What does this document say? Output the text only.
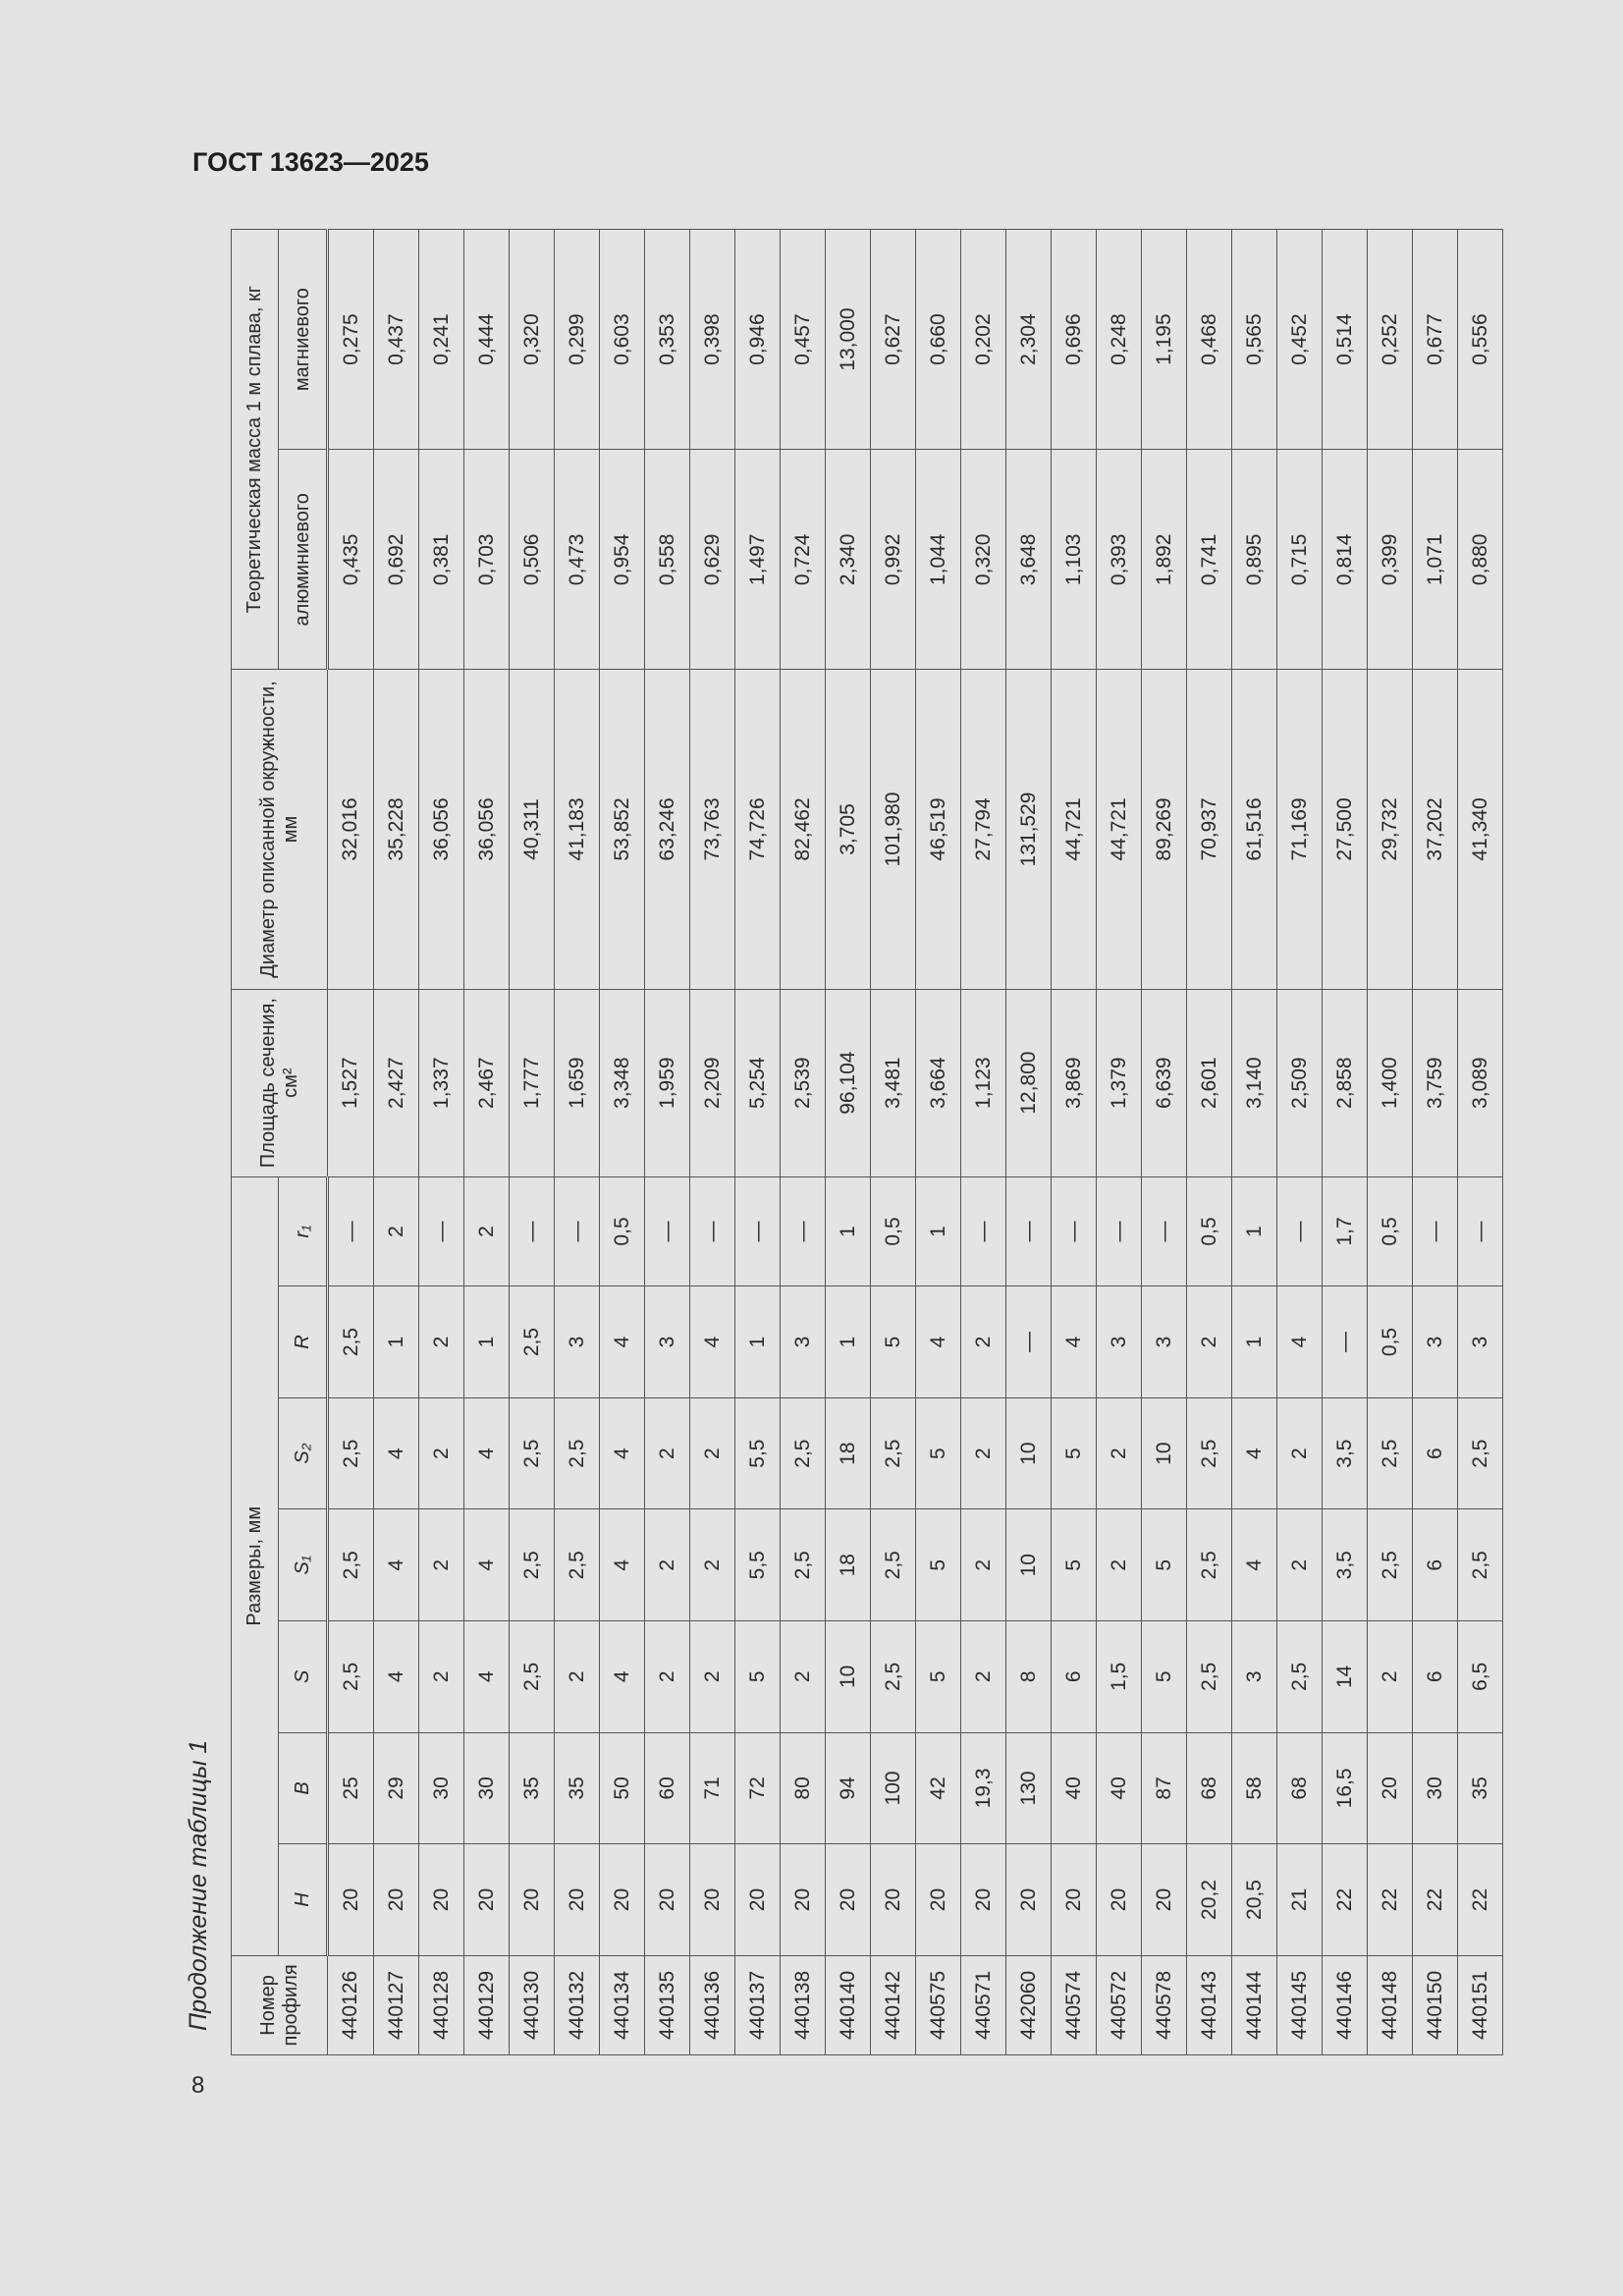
ГОСТ 13623—2025
8
Продолжение таблицы 1 Номер профиля	Размеры, мм							Площадь сечения, см²	Диаметр описанной окружности, мм	Теоретическая масса 1 м сплава, кг	
	H	B	S	S₁	S₂	R	r₁			алюминиевого	магниевого
440126	20	25	2,5	2,5	2,5	2,5	—	1,527	32,016	0,435	0,275
440127	20	29	4	4	4	1	2	2,427	35,228	0,692	0,437
440128	20	30	2	2	2	2	—	1,337	36,056	0,381	0,241
440129	20	30	4	4	4	1	2	2,467	36,056	0,703	0,444
440130	20	35	2,5	2,5	2,5	2,5	—	1,777	40,311	0,506	0,320
440132	20	35	2	2,5	2,5	3	—	1,659	41,183	0,473	0,299
440134	20	50	4	4	4	4	0,5	3,348	53,852	0,954	0,603
440135	20	60	2	2	2	3	—	1,959	63,246	0,558	0,353
440136	20	71	2	2	2	4	—	2,209	73,763	0,629	0,398
440137	20	72	5	5,5	5,5	1	—	5,254	74,726	1,497	0,946
440138	20	80	2	2,5	2,5	3	—	2,539	82,462	0,724	0,457
440140	20	94	10	18	18	1	1	96,104	3,705	2,340	13,000
440142	20	100	2,5	2,5	2,5	5	0,5	3,481	101,980	0,992	0,627
440575	20	42	5	5	5	4	1	3,664	46,519	1,044	0,660
440571	20	19,3	2	2	2	2	—	1,123	27,794	0,320	0,202
442060	20	130	8	10	10	—	—	12,800	131,529	3,648	2,304
440574	20	40	6	5	5	4	—	3,869	44,721	1,103	0,696
440572	20	40	1,5	2	2	3	—	1,379	44,721	0,393	0,248
440578	20	87	5	5	10	3	—	6,639	89,269	1,892	1,195
440143	20,2	68	2,5	2,5	2,5	2	0,5	2,601	70,937	0,741	0,468
440144	20,5	58	3	4	4	1	1	3,140	61,516	0,895	0,565
440145	21	68	2,5	2	2	4	—	2,509	71,169	0,715	0,452
440146	22	16,5	14	3,5	3,5	—	1,7	2,858	27,500	0,814	0,514
440148	22	20	2	2,5	2,5	0,5	0,5	1,400	29,732	0,399	0,252
440150	22	30	6	6	6	3	—	3,759	37,202	1,071	0,677
440151	22	35	6,5	2,5	2,5	3	—	3,089	41,340	0,880	0,556
